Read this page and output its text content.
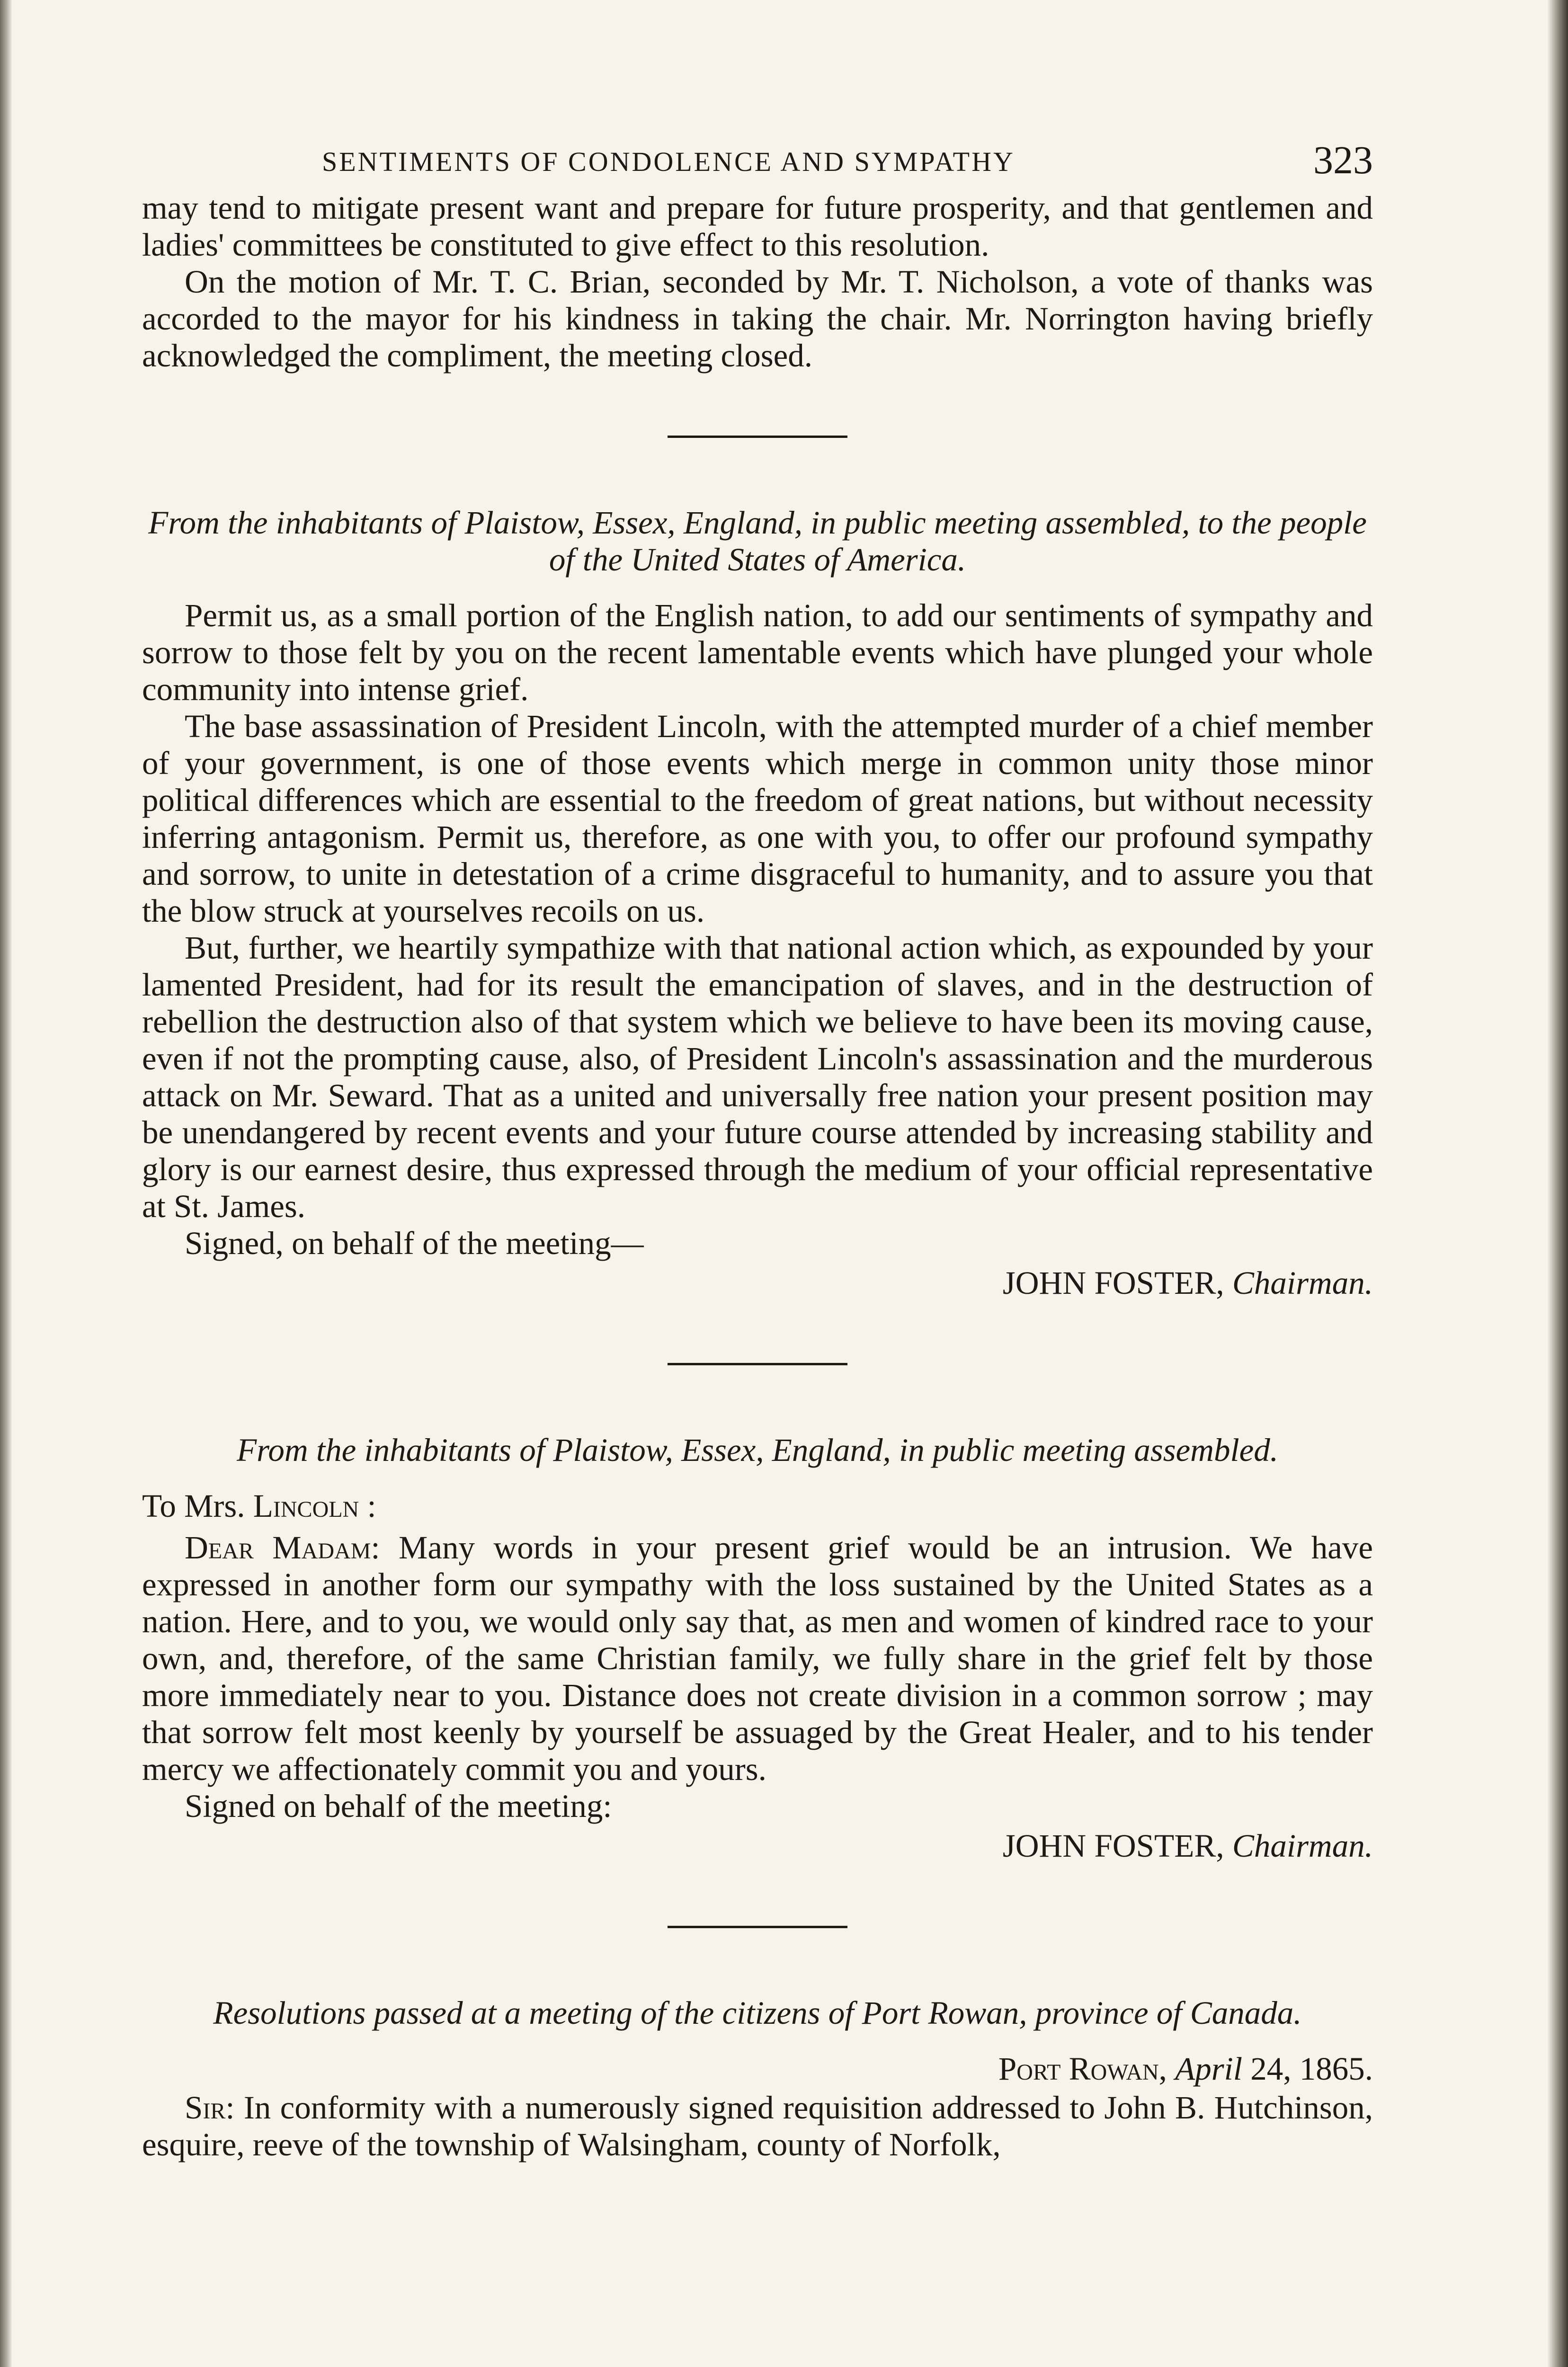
SENTIMENTS OF CONDOLENCE AND SYMPATHY	323

may tend to mitigate present want and prepare for future prosperity, and that gentlemen and ladies' committees be constituted to give effect to this resolution.

On the motion of Mr. T. C. Brian, seconded by Mr. T. Nicholson, a vote of thanks was accorded to the mayor for his kindness in taking the chair. Mr. Norrington having briefly acknowledged the compliment, the meeting closed.

From the inhabitants of Plaistow, Essex, England, in public meeting assembled, to the people of the United States of America.

Permit us, as a small portion of the English nation, to add our sentiments of sympathy and sorrow to those felt by you on the recent lamentable events which have plunged your whole community into intense grief.

The base assassination of President Lincoln, with the attempted murder of a chief member of your government, is one of those events which merge in common unity those minor political differences which are essential to the freedom of great nations, but without necessity inferring antagonism. Permit us, therefore, as one with you, to offer our profound sympathy and sorrow, to unite in detestation of a crime disgraceful to humanity, and to assure you that the blow struck at yourselves recoils on us.

But, further, we heartily sympathize with that national action which, as expounded by your lamented President, had for its result the emancipation of slaves, and in the destruction of rebellion the destruction also of that system which we believe to have been its moving cause, even if not the prompting cause, also, of President Lincoln's assassination and the murderous attack on Mr. Seward. That as a united and universally free nation your present position may be unendangered by recent events and your future course attended by increasing stability and glory is our earnest desire, thus expressed through the medium of your official representative at St. James.

Signed, on behalf of the meeting—

JOHN FOSTER, Chairman.
From the inhabitants of Plaistow, Essex, England, in public meeting assembled.
To Mrs. Lincoln :

Dear Madam: Many words in your present grief would be an intrusion. We have expressed in another form our sympathy with the loss sustained by the United States as a nation. Here, and to you, we would only say that, as men and women of kindred race to your own, and, therefore, of the same Christian family, we fully share in the grief felt by those more immediately near to you. Distance does not create division in a common sorrow ; may that sorrow felt most keenly by yourself be assuaged by the Great Healer, and to his tender mercy we affectionately commit you and yours.

Signed on behalf of the meeting:

JOHN FOSTER, Chairman.
Resolutions passed at a meeting of the citizens of Port Rowan, province of Canada.
Port Rowan, April 24, 1865.

Sir: In conformity with a numerously signed requisition addressed to John B. Hutchinson, esquire, reeve of the township of Walsingham, county of Norfolk,
